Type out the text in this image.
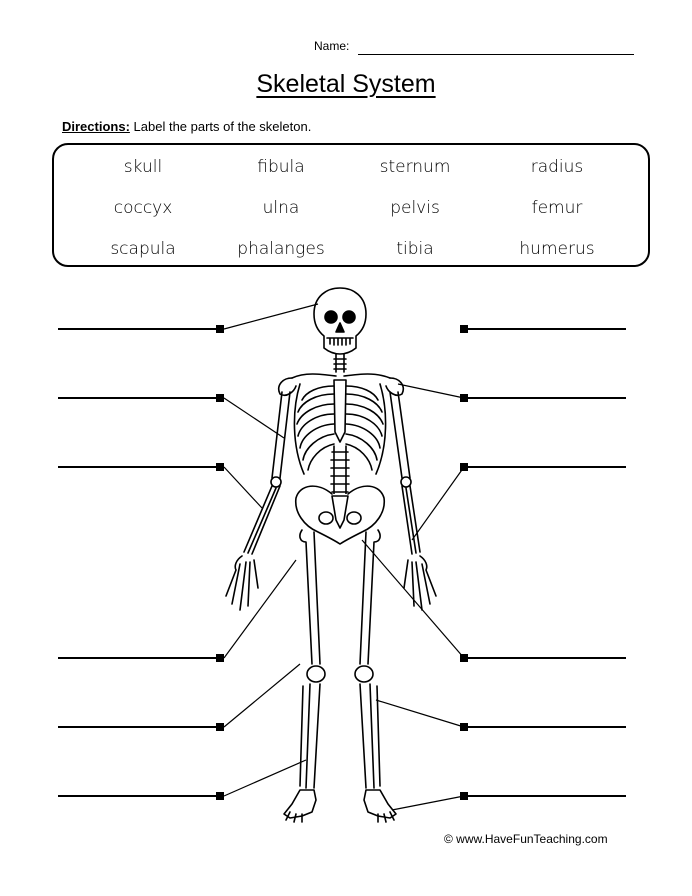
Name:
Skeletal System
Directions: Label the parts of the skeleton.
skull	fibula	sternum	radius
coccyx	ulna	pelvis	femur
scapula	phalanges	tibia	humerus
© www.HaveFunTeaching.com
